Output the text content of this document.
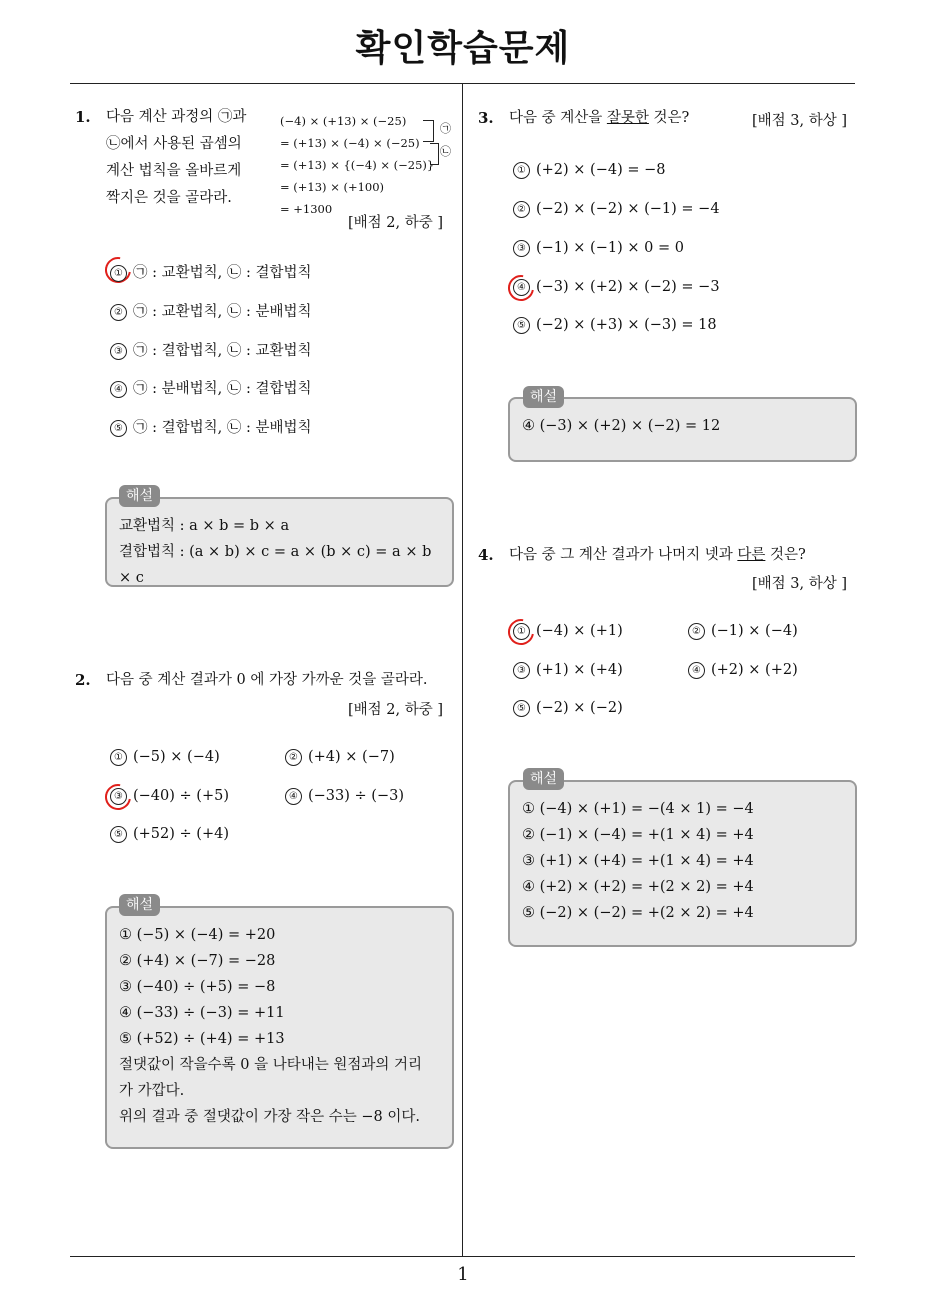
확인학습문제
1. 다음 계산 과정의 ㉠과
㉡에서 사용된 곱셈의
계산 법칙을 올바르게
짝지은 것을 골라라.
(−4) × (+13) × (−25)
= (+13) × (−4) × (−25)
= (+13) × {(−4) × (−25)}
= (+13) × (+100)
= +1300
㉠
㉡
[배점 2, 하중 ]
① ㉠ : 교환법칙, ㉡ : 결합법칙
② ㉠ : 교환법칙, ㉡ : 분배법칙
③ ㉠ : 결합법칙, ㉡ : 교환법칙
④ ㉠ : 분배법칙, ㉡ : 결합법칙
⑤ ㉠ : 결합법칙, ㉡ : 분배법칙
교환법칙 : a × b = b × a
결합법칙 : (a × b) × c = a × (b × c) = a × b × c
해설
2. 다음 중 계산 결과가 0 에 가장 가까운 것을 골라라.
[배점 2, 하중 ]
① (−5) × (−4)	② (+4) × (−7)
③ (−40) ÷ (+5)	④ (−33) ÷ (−3)
⑤ (+52) ÷ (+4)
① (−5) × (−4) = +20
② (+4) × (−7) = −28
③ (−40) ÷ (+5) = −8
④ (−33) ÷ (−3) = +11
⑤ (+52) ÷ (+4) = +13
절댓값이 작을수록 0 을 나타내는 원점과의 거리
가 가깝다.
위의 결과 중 절댓값이 가장 작은 수는 −8 이다.
해설
3. 다음 중 계산을 잘못한 것은?	[배점 3, 하상 ]
① (+2) × (−4) = −8
② (−2) × (−2) × (−1) = −4
③ (−1) × (−1) × 0 = 0
④ (−3) × (+2) × (−2) = −3
⑤ (−2) × (+3) × (−3) = 18
④ (−3) × (+2) × (−2) = 12
해설
4. 다음 중 그 계산 결과가 나머지 넷과 다른 것은?
[배점 3, 하상 ]
① (−4) × (+1)	② (−1) × (−4)
③ (+1) × (+4)	④ (+2) × (+2)
⑤ (−2) × (−2)
① (−4) × (+1) = −(4 × 1) = −4
② (−1) × (−4) = +(1 × 4) = +4
③ (+1) × (+4) = +(1 × 4) = +4
④ (+2) × (+2) = +(2 × 2) = +4
⑤ (−2) × (−2) = +(2 × 2) = +4
해설
1
